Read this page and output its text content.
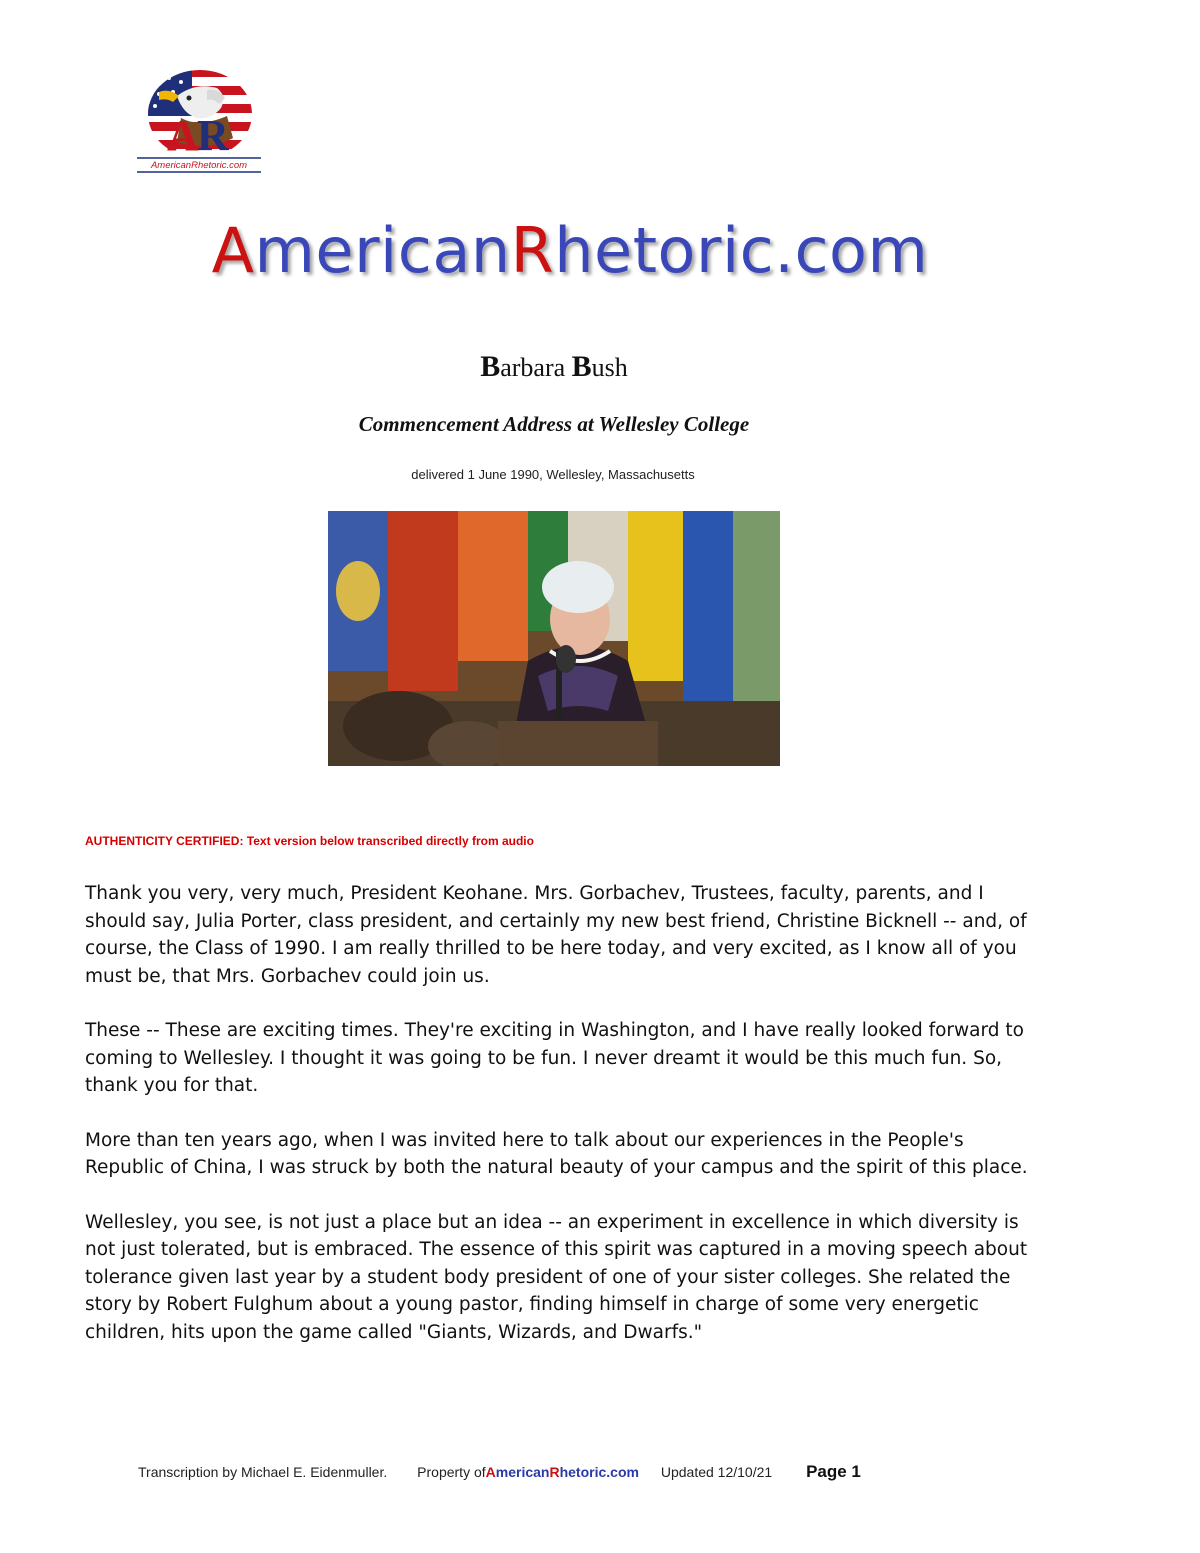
A
R
AmericanRhetoric.com
AmericanRhetoric.com
Barbara Bush
Commencement Address at Wellesley College
delivered 1 June 1990, Wellesley, Massachusetts
AUTHENTICITY CERTIFIED: Text version below transcribed directly from audio

Thank you very, very much, President Keohane. Mrs. Gorbachev, Trustees, faculty, parents, and I should say, Julia Porter, class president, and certainly my new best friend, Christine Bicknell -- and, of course, the Class of 1990. I am really thrilled to be here today, and very excited, as I know all of you must be, that Mrs. Gorbachev could join us.

These -- These are exciting times. They're exciting in Washington, and I have really looked forward to coming to Wellesley. I thought it was going to be fun. I never dreamt it would be this much fun. So, thank you for that.

More than ten years ago, when I was invited here to talk about our experiences in the People's Republic of China, I was struck by both the natural beauty of your campus and the spirit of this place.

Wellesley, you see, is not just a place but an idea -- an experiment in excellence in which diversity is not just tolerated, but is embraced. The essence of this spirit was captured in a moving speech about tolerance given last year by a student body president of one of your sister colleges. She related the story by Robert Fulghum about a young pastor, finding himself in charge of some very energetic children, hits upon the game called "Giants, Wizards, and Dwarfs."

Transcription by Michael E. Eidenmuller. Property ofAmericanRhetoric.com Updated 12/10/21 Page 1
